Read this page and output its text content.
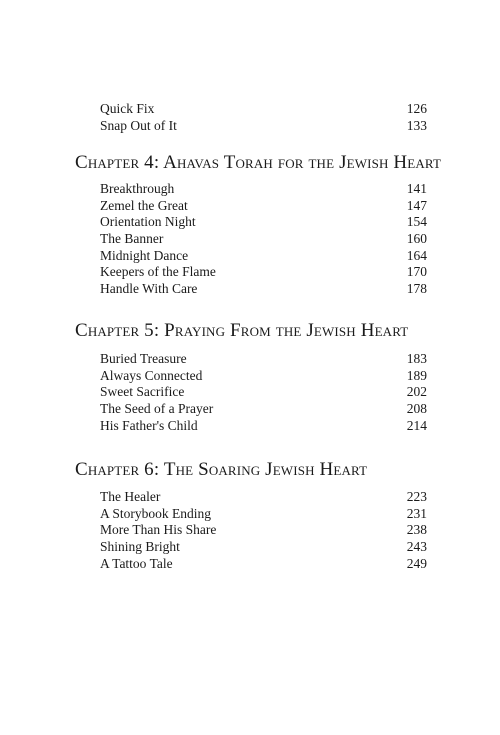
Quick Fix	126
Snap Out of It	133
Chapter 4: Ahavas Torah for the Jewish Heart
Breakthrough	141
Zemel the Great	147
Orientation Night	154
The Banner	160
Midnight Dance	164
Keepers of the Flame	170
Handle With Care	178
Chapter 5: Praying From the Jewish Heart
Buried Treasure	183
Always Connected	189
Sweet Sacrifice	202
The Seed of a Prayer	208
His Father's Child	214
Chapter 6: The Soaring Jewish Heart
The Healer	223
A Storybook Ending	231
More Than His Share	238
Shining Bright	243
A Tattoo Tale	249
